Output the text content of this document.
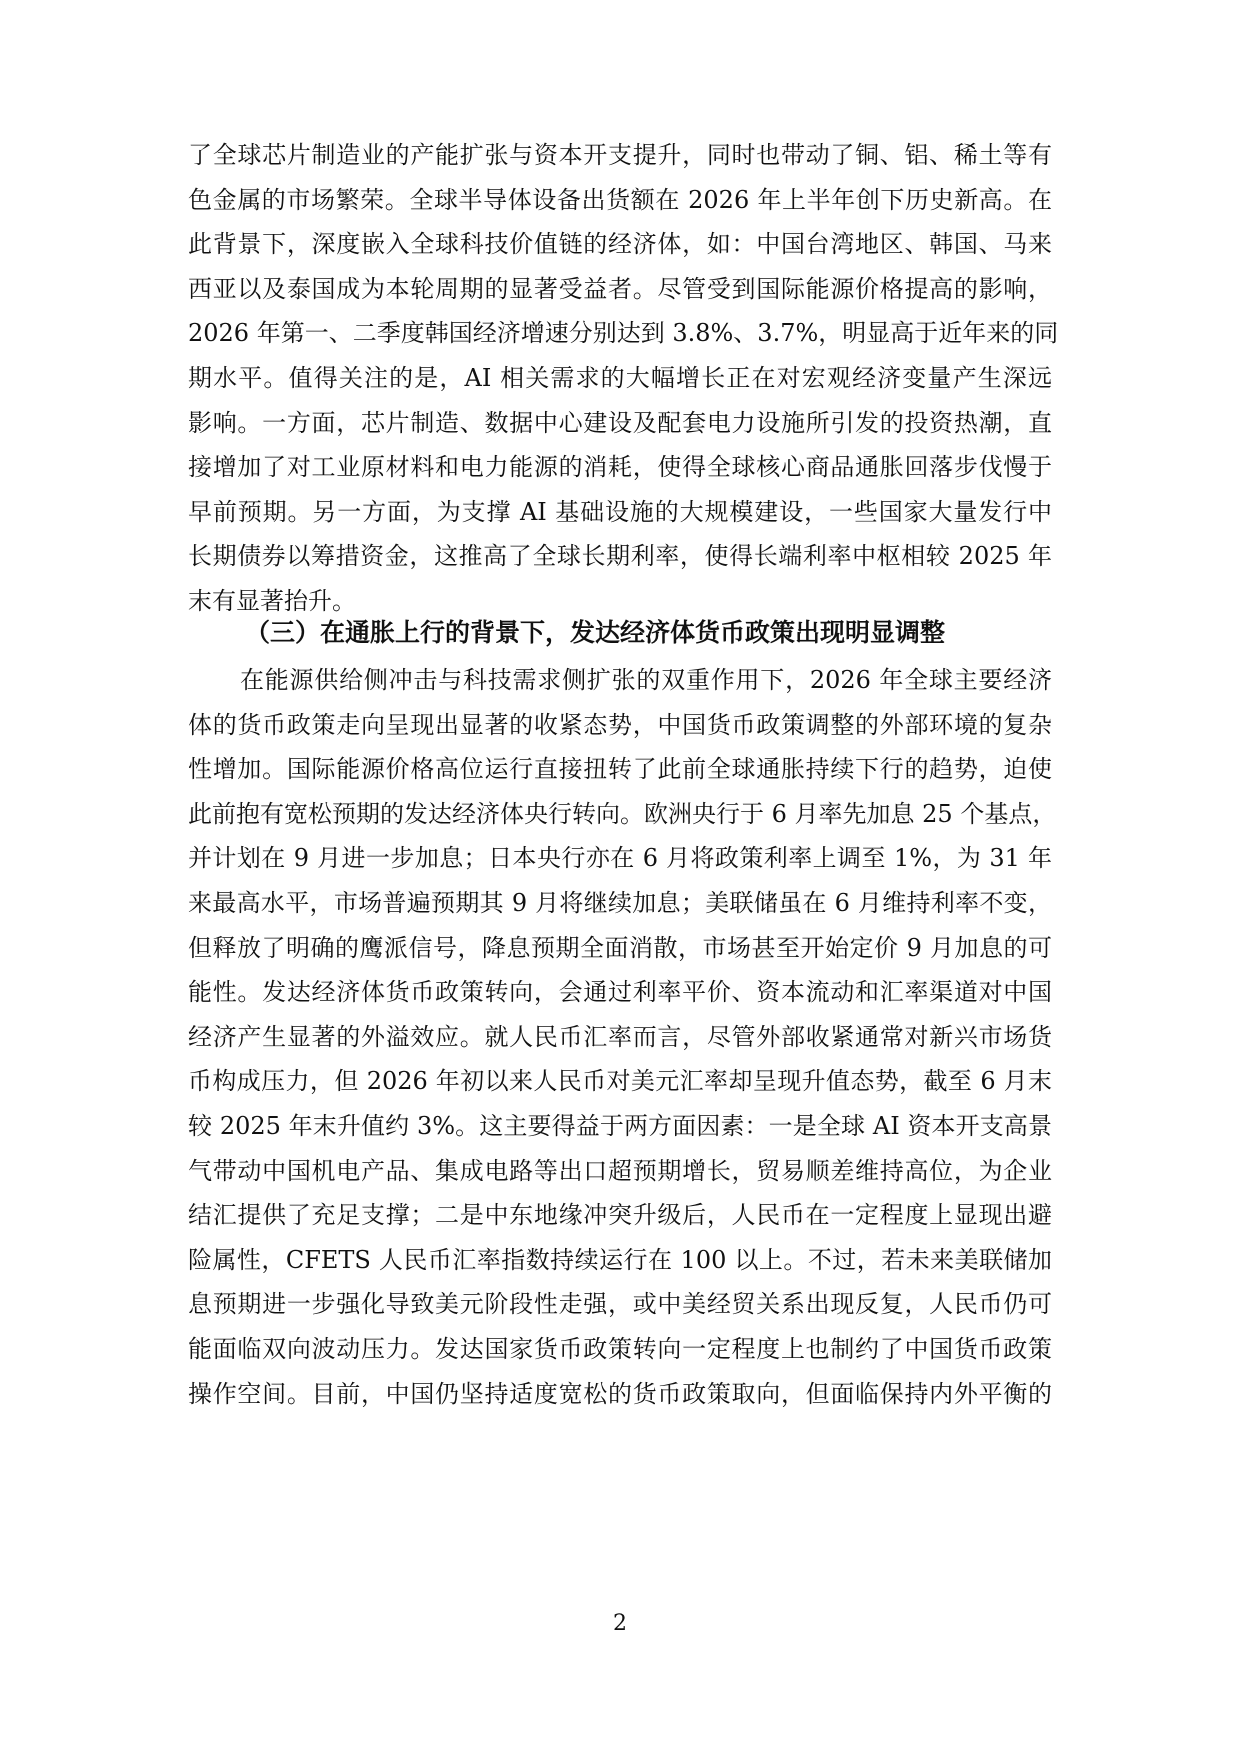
了全球芯片制造业的产能扩张与资本开支提升，同时也带动了铜、铝、稀土等有
色金属的市场繁荣。全球半导体设备出货额在 2026 年上半年创下历史新高。在
此背景下，深度嵌入全球科技价值链的经济体，如：中国台湾地区、韩国、马来
西亚以及泰国成为本轮周期的显著受益者。尽管受到国际能源价格提高的影响，
2026 年第一、二季度韩国经济增速分别达到 3.8%、3.7%，明显高于近年来的同
期水平。值得关注的是，AI 相关需求的大幅增长正在对宏观经济变量产生深远
影响。一方面，芯片制造、数据中心建设及配套电力设施所引发的投资热潮，直
接增加了对工业原材料和电力能源的消耗，使得全球核心商品通胀回落步伐慢于
早前预期。另一方面，为支撑 AI 基础设施的大规模建设，一些国家大量发行中
长期债券以筹措资金，这推高了全球长期利率，使得长端利率中枢相较 2025 年
末有显著抬升。
（三）在通胀上行的背景下，发达经济体货币政策出现明显调整
在能源供给侧冲击与科技需求侧扩张的双重作用下，2026 年全球主要经济
体的货币政策走向呈现出显著的收紧态势，中国货币政策调整的外部环境的复杂
性增加。国际能源价格高位运行直接扭转了此前全球通胀持续下行的趋势，迫使
此前抱有宽松预期的发达经济体央行转向。欧洲央行于 6 月率先加息 25 个基点，
并计划在 9 月进一步加息；日本央行亦在 6 月将政策利率上调至 1%，为 31 年
来最高水平，市场普遍预期其 9 月将继续加息；美联储虽在 6 月维持利率不变，
但释放了明确的鹰派信号，降息预期全面消散，市场甚至开始定价 9 月加息的可
能性。发达经济体货币政策转向，会通过利率平价、资本流动和汇率渠道对中国
经济产生显著的外溢效应。就人民币汇率而言，尽管外部收紧通常对新兴市场货
币构成压力，但 2026 年初以来人民币对美元汇率却呈现升值态势，截至 6 月末
较 2025 年末升值约 3%。这主要得益于两方面因素：一是全球 AI 资本开支高景
气带动中国机电产品、集成电路等出口超预期增长，贸易顺差维持高位，为企业
结汇提供了充足支撑；二是中东地缘冲突升级后，人民币在一定程度上显现出避
险属性，CFETS 人民币汇率指数持续运行在 100 以上。不过，若未来美联储加
息预期进一步强化导致美元阶段性走强，或中美经贸关系出现反复，人民币仍可
能面临双向波动压力。发达国家货币政策转向一定程度上也制约了中国货币政策
操作空间。目前，中国仍坚持适度宽松的货币政策取向，但面临保持内外平衡的
2
